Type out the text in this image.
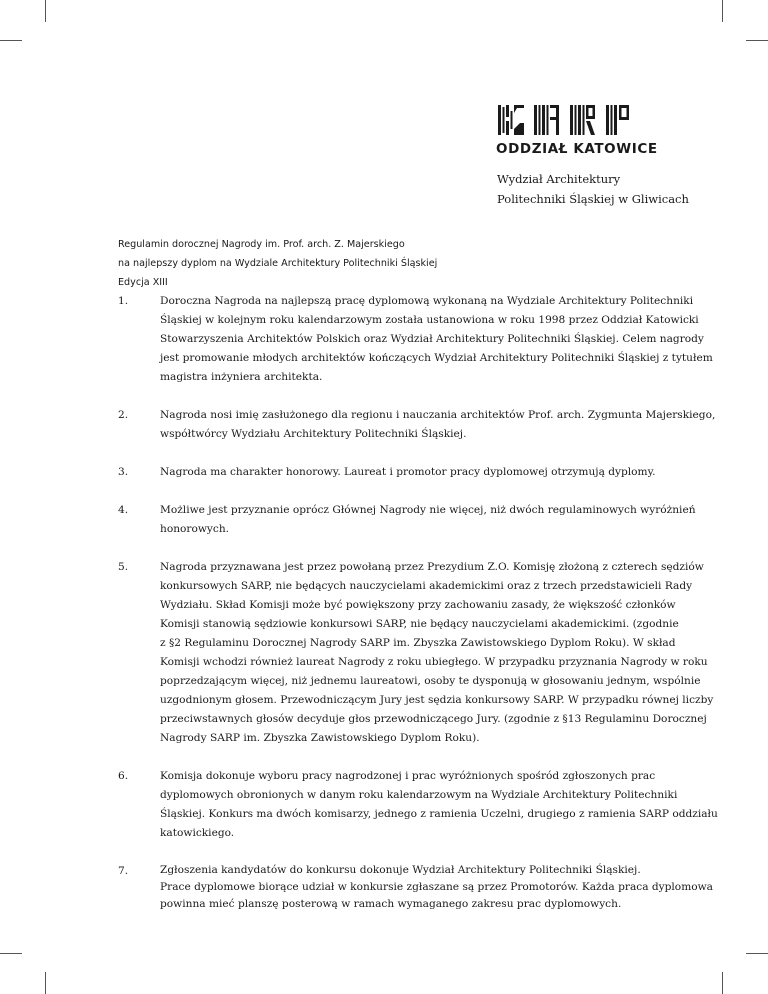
ODDZIAŁ KATOWICE
Wydział Architektury
Politechniki Śląskiej w Gliwicach
Regulamin dorocznej Nagrody im. Prof. arch. Z. Majerskiego
na najlepszy dyplom na Wydziale Architektury Politechniki Śląskiej
Edycja XIII
1.	Doroczna Nagroda na najlepszą pracę dyplomową wykonaną na Wydziale Architektury Politechniki
Śląskiej w kolejnym roku kalendarzowym została ustanowiona w roku 1998 przez Oddział Katowicki
Stowarzyszenia Architektów Polskich oraz Wydział Architektury Politechniki Śląskiej. Celem nagrody
jest promowanie młodych architektów kończących Wydział Architektury Politechniki Śląskiej z tytułem
magistra inżyniera architekta.
2.	Nagroda nosi imię zasłużonego dla regionu i nauczania architektów Prof. arch. Zygmunta Majerskiego,
współtwórcy Wydziału Architektury Politechniki Śląskiej.
3.	Nagroda ma charakter honorowy. Laureat i promotor pracy dyplomowej otrzymują dyplomy.
4.	Możliwe jest przyznanie oprócz Głównej Nagrody nie więcej, niż dwóch regulaminowych wyróżnień
honorowych.
5.	Nagroda przyznawana jest przez powołaną przez Prezydium Z.O. Komisję złożoną z czterech sędziów
konkursowych SARP, nie będących nauczycielami akademickimi oraz z trzech przedstawicieli Rady
Wydziału. Skład Komisji może być powiększony przy zachowaniu zasady, że większość członków
Komisji stanowią sędziowie konkursowi SARP, nie będący nauczycielami akademickimi. (zgodnie
z §2 Regulaminu Dorocznej Nagrody SARP im. Zbyszka Zawistowskiego Dyplom Roku). W skład
Komisji wchodzi również laureat Nagrody z roku ubiegłego. W przypadku przyznania Nagrody w roku
poprzedzającym więcej, niż jednemu laureatowi, osoby te dysponują w głosowaniu jednym, wspólnie
uzgodnionym głosem. Przewodniczącym Jury jest sędzia konkursowy SARP. W przypadku równej liczby
przeciwstawnych głosów decyduje głos przewodniczącego Jury. (zgodnie z §13 Regulaminu Dorocznej
Nagrody SARP im. Zbyszka Zawistowskiego Dyplom Roku).
6.	Komisja dokonuje wyboru pracy nagrodzonej i prac wyróżnionych spośród zgłoszonych prac
dyplomowych obronionych w danym roku kalendarzowym na Wydziale Architektury Politechniki
Śląskiej. Konkurs ma dwóch komisarzy, jednego z ramienia Uczelni, drugiego z ramienia SARP oddziału
katowickiego.
7.	Zgłoszenia kandydatów do konkursu dokonuje Wydział Architektury Politechniki Śląskiej.
Prace dyplomowe biorące udział w konkursie zgłaszane są przez Promotorów. Każda praca dyplomowa
powinna mieć planszę posterową w ramach wymaganego zakresu prac dyplomowych.
